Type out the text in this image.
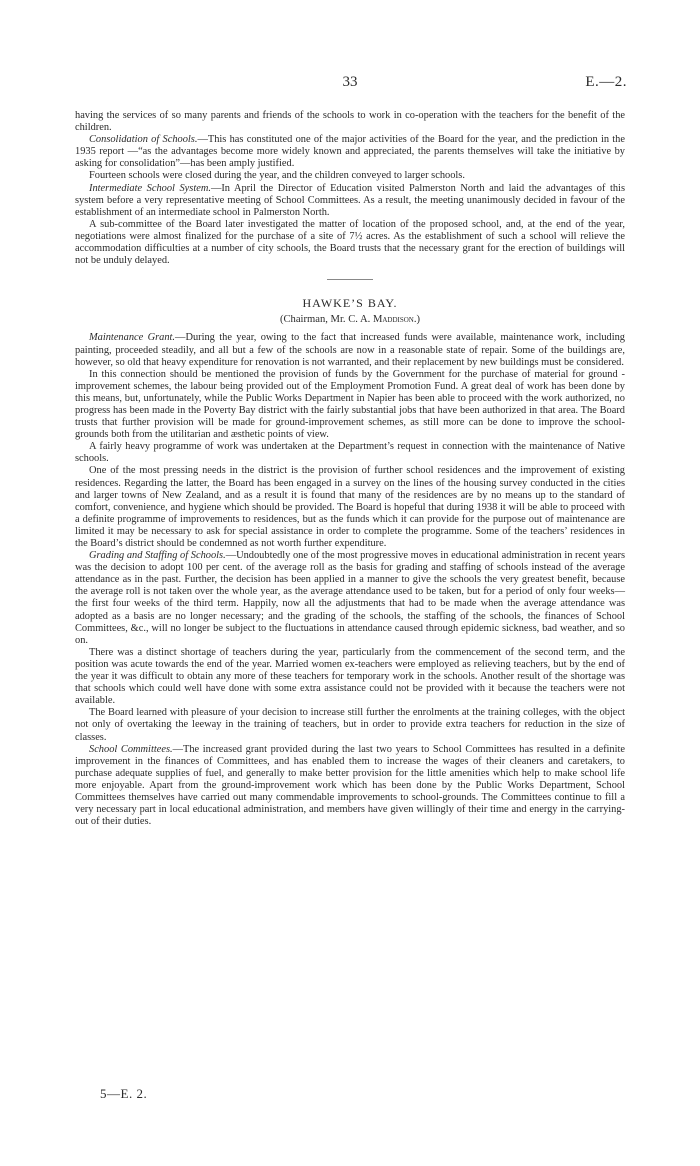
33	E.—2.

having the services of so many parents and friends of the schools to work in co-operation with the teachers for the benefit of the children.

Consolidation of Schools.—This has constituted one of the major activities of the Board for the year, and the prediction in the 1935 report —“as the advantages become more widely known and appreciated, the parents themselves will take the initiative by asking for consolidation”—has been amply justified.

Fourteen schools were closed during the year, and the children conveyed to larger schools.

Intermediate School System.—In April the Director of Education visited Palmerston North and laid the advantages of this system before a very representative meeting of School Committees. As a result, the meeting unanimously decided in favour of the establishment of an intermediate school in Palmerston North.

A sub-committee of the Board later investigated the matter of location of the proposed school, and, at the end of the year, negotiations were almost finalized for the purchase of a site of 7½ acres. As the establishment of such a school will relieve the accommodation difficulties at a number of city schools, the Board trusts that the necessary grant for the erection of buildings will not be unduly delayed.

HAWKE’S BAY.
(Chairman, Mr. C. A. Maddison.)

Maintenance Grant.—During the year, owing to the fact that increased funds were available, maintenance work, including painting, proceeded steadily, and all but a few of the schools are now in a reasonable state of repair. Some of the buildings are, however, so old that heavy expenditure for renovation is not warranted, and their replacement by new buildings must be considered.

In this connection should be mentioned the provision of funds by the Government for the purchase of material for ground - improvement schemes, the labour being provided out of the Employment Promotion Fund. A great deal of work has been done by this means, but, unfortunately, while the Public Works Department in Napier has been able to proceed with the work authorized, no progress has been made in the Poverty Bay district with the fairly substantial jobs that have been authorized in that area. The Board trusts that further provision will be made for ground-improvement schemes, as still more can be done to improve the school-grounds both from the utilitarian and æsthetic points of view.

A fairly heavy programme of work was undertaken at the Department’s request in connection with the maintenance of Native schools.

One of the most pressing needs in the district is the provision of further school residences and the improvement of existing residences. Regarding the latter, the Board has been engaged in a survey on the lines of the housing survey conducted in the cities and larger towns of New Zealand, and as a result it is found that many of the residences are by no means up to the standard of comfort, convenience, and hygiene which should be provided. The Board is hopeful that during 1938 it will be able to proceed with a definite programme of improvements to residences, but as the funds which it can provide for the purpose out of maintenance are limited it may be necessary to ask for special assistance in order to complete the programme. Some of the teachers’ residences in the Board’s district should be condemned as not worth further expenditure.

Grading and Staffing of Schools.—Undoubtedly one of the most progressive moves in educational administration in recent years was the decision to adopt 100 per cent. of the average roll as the basis for grading and staffing of schools instead of the average attendance as in the past. Further, the decision has been applied in a manner to give the schools the very greatest benefit, because the average roll is not taken over the whole year, as the average attendance used to be taken, but for a period of only four weeks—the first four weeks of the third term. Happily, now all the adjustments that had to be made when the average attendance was adopted as a basis are no longer necessary; and the grading of the schools, the staffing of the schools, the finances of School Committees, &c., will no longer be subject to the fluctuations in attendance caused through epidemic sickness, bad weather, and so on.

There was a distinct shortage of teachers during the year, particularly from the commencement of the second term, and the position was acute towards the end of the year. Married women ex-teachers were employed as relieving teachers, but by the end of the year it was difficult to obtain any more of these teachers for temporary work in the schools. Another result of the shortage was that schools which could well have done with some extra assistance could not be provided with it because the teachers were not available.

The Board learned with pleasure of your decision to increase still further the enrolments at the training colleges, with the object not only of overtaking the leeway in the training of teachers, but in order to provide extra teachers for reduction in the size of classes.

School Committees.—The increased grant provided during the last two years to School Committees has resulted in a definite improvement in the finances of Committees, and has enabled them to increase the wages of their cleaners and caretakers, to purchase adequate supplies of fuel, and generally to make better provision for the little amenities which help to make school life more enjoyable. Apart from the ground-improvement work which has been done by the Public Works Department, School Committees themselves have carried out many commendable improvements to school-grounds. The Committees continue to fill a very necessary part in local educational administration, and members have given willingly of their time and energy in the carrying-out of their duties.

5—E. 2.
